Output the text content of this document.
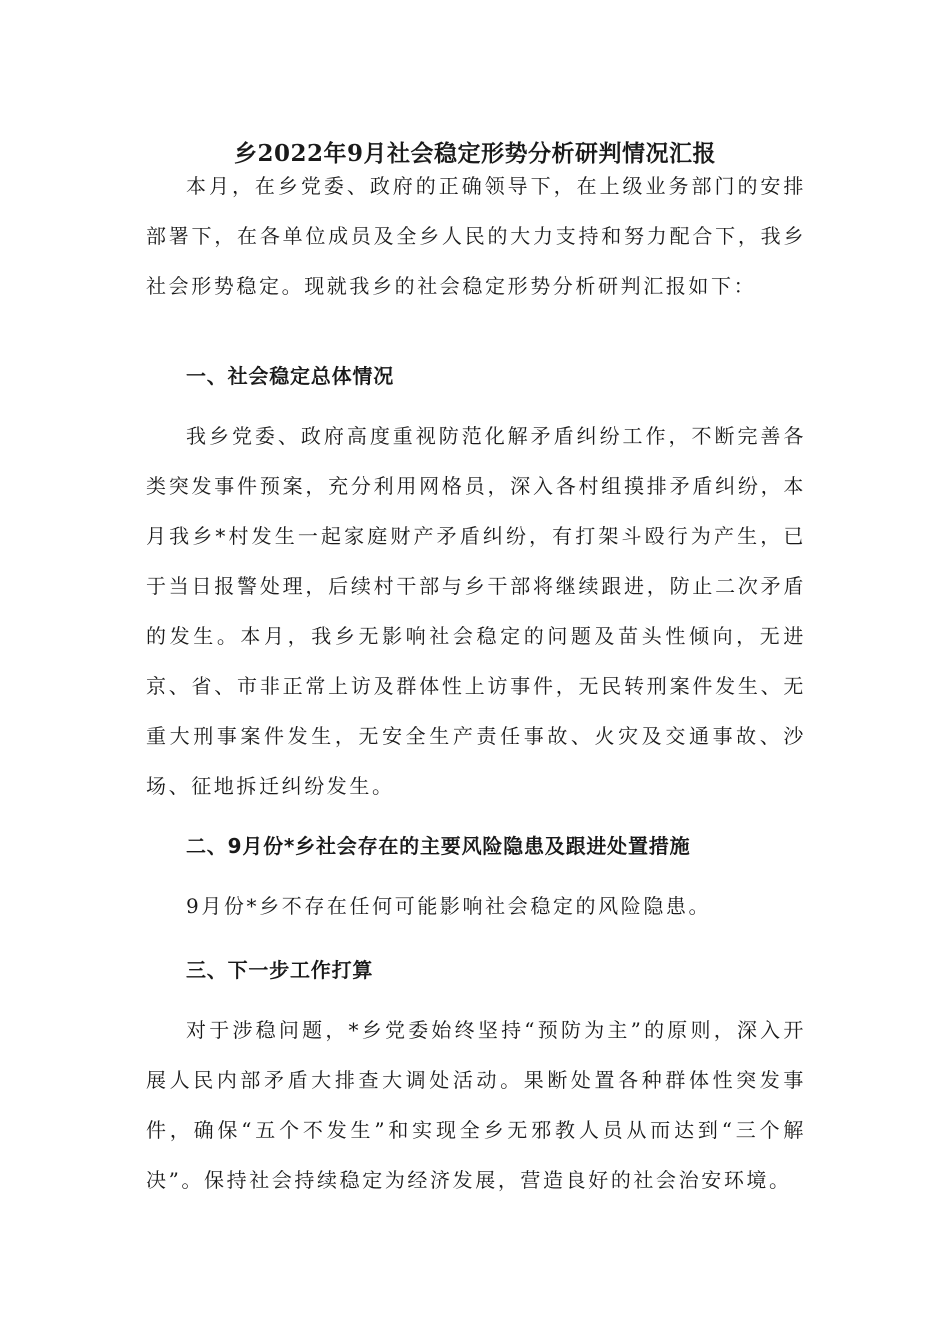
乡2022年9月社会稳定形势分析研判情况汇报

本月，在乡党委、政府的正确领导下，在上级业务部门的安排部署下，在各单位成员及全乡人民的大力支持和努力配合下，我乡社会形势稳定。现就我乡的社会稳定形势分析研判汇报如下：

一、社会稳定总体情况

我乡党委、政府高度重视防范化解矛盾纠纷工作，不断完善各类突发事件预案，充分利用网格员，深入各村组摸排矛盾纠纷，本月我乡*村发生一起家庭财产矛盾纠纷，有打架斗殴行为产生，已于当日报警处理，后续村干部与乡干部将继续跟进，防止二次矛盾的发生。本月，我乡无影响社会稳定的问题及苗头性倾向，无进京、省、市非正常上访及群体性上访事件，无民转刑案件发生、无重大刑事案件发生，无安全生产责任事故、火灾及交通事故、沙场、征地拆迁纠纷发生。

二、9月份*乡社会存在的主要风险隐患及跟进处置措施

9月份*乡不存在任何可能影响社会稳定的风险隐患。

三、下一步工作打算

对于涉稳问题，*乡党委始终坚持“预防为主”的原则，深入开展人民内部矛盾大排查大调处活动。果断处置各种群体性突发事件，确保“五个不发生”和实现全乡无邪教人员从而达到“三个解决”。保持社会持续稳定为经济发展，营造良好的社会治安环境。
